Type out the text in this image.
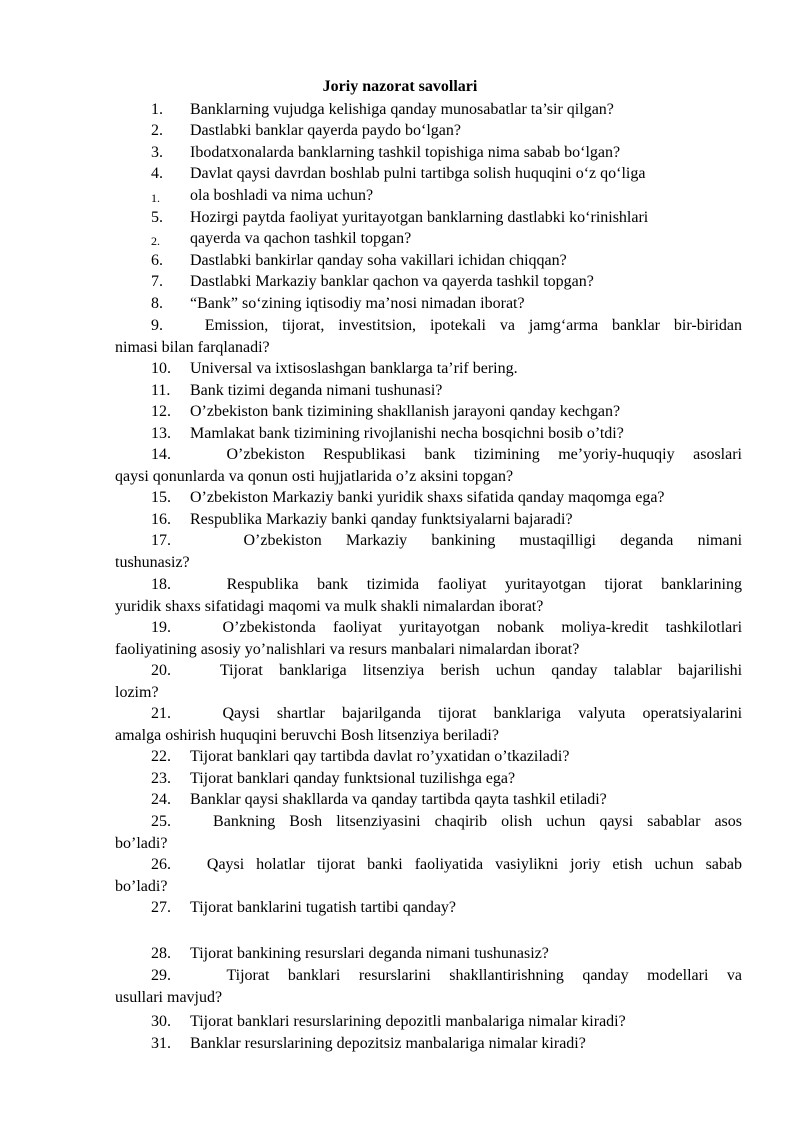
Joriy nazorat savollari
1. Banklarning vujudga kelishiga qanday munosabatlar ta’sir qilgan?
2. Dastlabki banklar qayerda paydo bo‘lgan?
3. Ibodatxonalarda banklarning tashkil topishiga nima sabab bo‘lgan?
4. Davlat qaysi davrdan boshlab pulni tartibga solish huquqini o‘z qo‘liga
1. ola boshladi va nima uchun?
5. Hozirgi paytda faoliyat yuritayotgan banklarning dastlabki ko‘rinishlari
2. qayerda va qachon tashkil topgan?
6. Dastlabki bankirlar qanday soha vakillari ichidan chiqqan?
7. Dastlabki Markaziy banklar qachon va qayerda tashkil topgan?
8. “Bank” so‘zining iqtisodiy ma’nosi nimadan iborat?
9.   Emission, tijorat, investitsion, ipotekali va jamg‘arma banklar bir-biridan
nimasi bilan farqlanadi?
10. Universal va ixtisoslashgan banklarga ta’rif bering.
11. Bank tizimi deganda nimani tushunasi?
12. O’zbekiston bank tizimining shakllanish jarayoni qanday kechgan?
13. Mamlakat bank tizimining rivojlanishi necha bosqichni bosib o’tdi?
14.   O’zbekiston Respublikasi bank tizimining me’yoriy-huquqiy asoslari
qaysi qonunlarda va qonun osti hujjatlarida o’z aksini topgan?
15. O’zbekiston Markaziy banki yuridik shaxs sifatida qanday maqomga ega?
16. Respublika Markaziy banki qanday funktsiyalarni bajaradi?
17.   O’zbekiston Markaziy bankining mustaqilligi deganda nimani
tushunasiz?
18.   Respublika bank tizimida faoliyat yuritayotgan tijorat banklarining
yuridik shaxs sifatidagi maqomi va mulk shakli nimalardan iborat?
19.   O’zbekistonda faoliyat yuritayotgan nobank moliya-kredit tashkilotlari
faoliyatining asosiy yo’nalishlari va resurs manbalari nimalardan iborat?
20.   Tijorat banklariga litsenziya berish uchun qanday talablar bajarilishi
lozim?
21.   Qaysi shartlar bajarilganda tijorat banklariga valyuta operatsiyalarini
amalga oshirish huquqini beruvchi Bosh litsenziya beriladi?
22. Tijorat banklari qay tartibda davlat ro’yxatidan o’tkaziladi?
23. Tijorat banklari qanday funktsional tuzilishga ega?
24. Banklar qaysi shakllarda va qanday tartibda qayta tashkil etiladi?
25.   Bankning Bosh litsenziyasini chaqirib olish uchun qaysi sabablar asos
bo’ladi?
26.   Qaysi holatlar tijorat banki faoliyatida vasiylikni joriy etish uchun sabab
bo’ladi?
27. Tijorat banklarini tugatish tartibi qanday?
28. Tijorat bankining resurslari deganda nimani tushunasiz?
29.   Tijorat banklari resurslarini shakllantirishning qanday modellari va
usullari mavjud?
30. Tijorat banklari resurslarining depozitli manbalariga nimalar kiradi?
31. Banklar resurslarining depozitsiz manbalariga nimalar kiradi?
